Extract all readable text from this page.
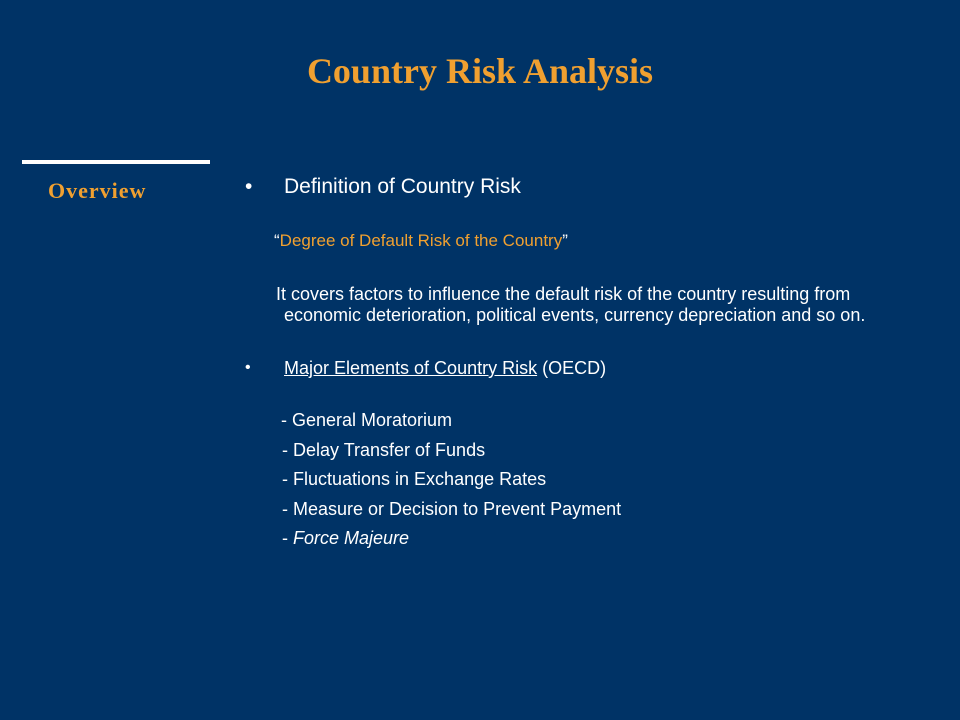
Country Risk Analysis
Overview	• Definition of Country Risk
“Degree of Default Risk of the Country”
It covers factors to influence the default risk of the country resulting from economic deterioration, political events, currency depreciation and so on.
• Major Elements of Country Risk (OECD)
- General Moratorium
- Delay Transfer of Funds
- Fluctuations in Exchange Rates
- Measure or Decision to Prevent Payment
- Force Majeure
